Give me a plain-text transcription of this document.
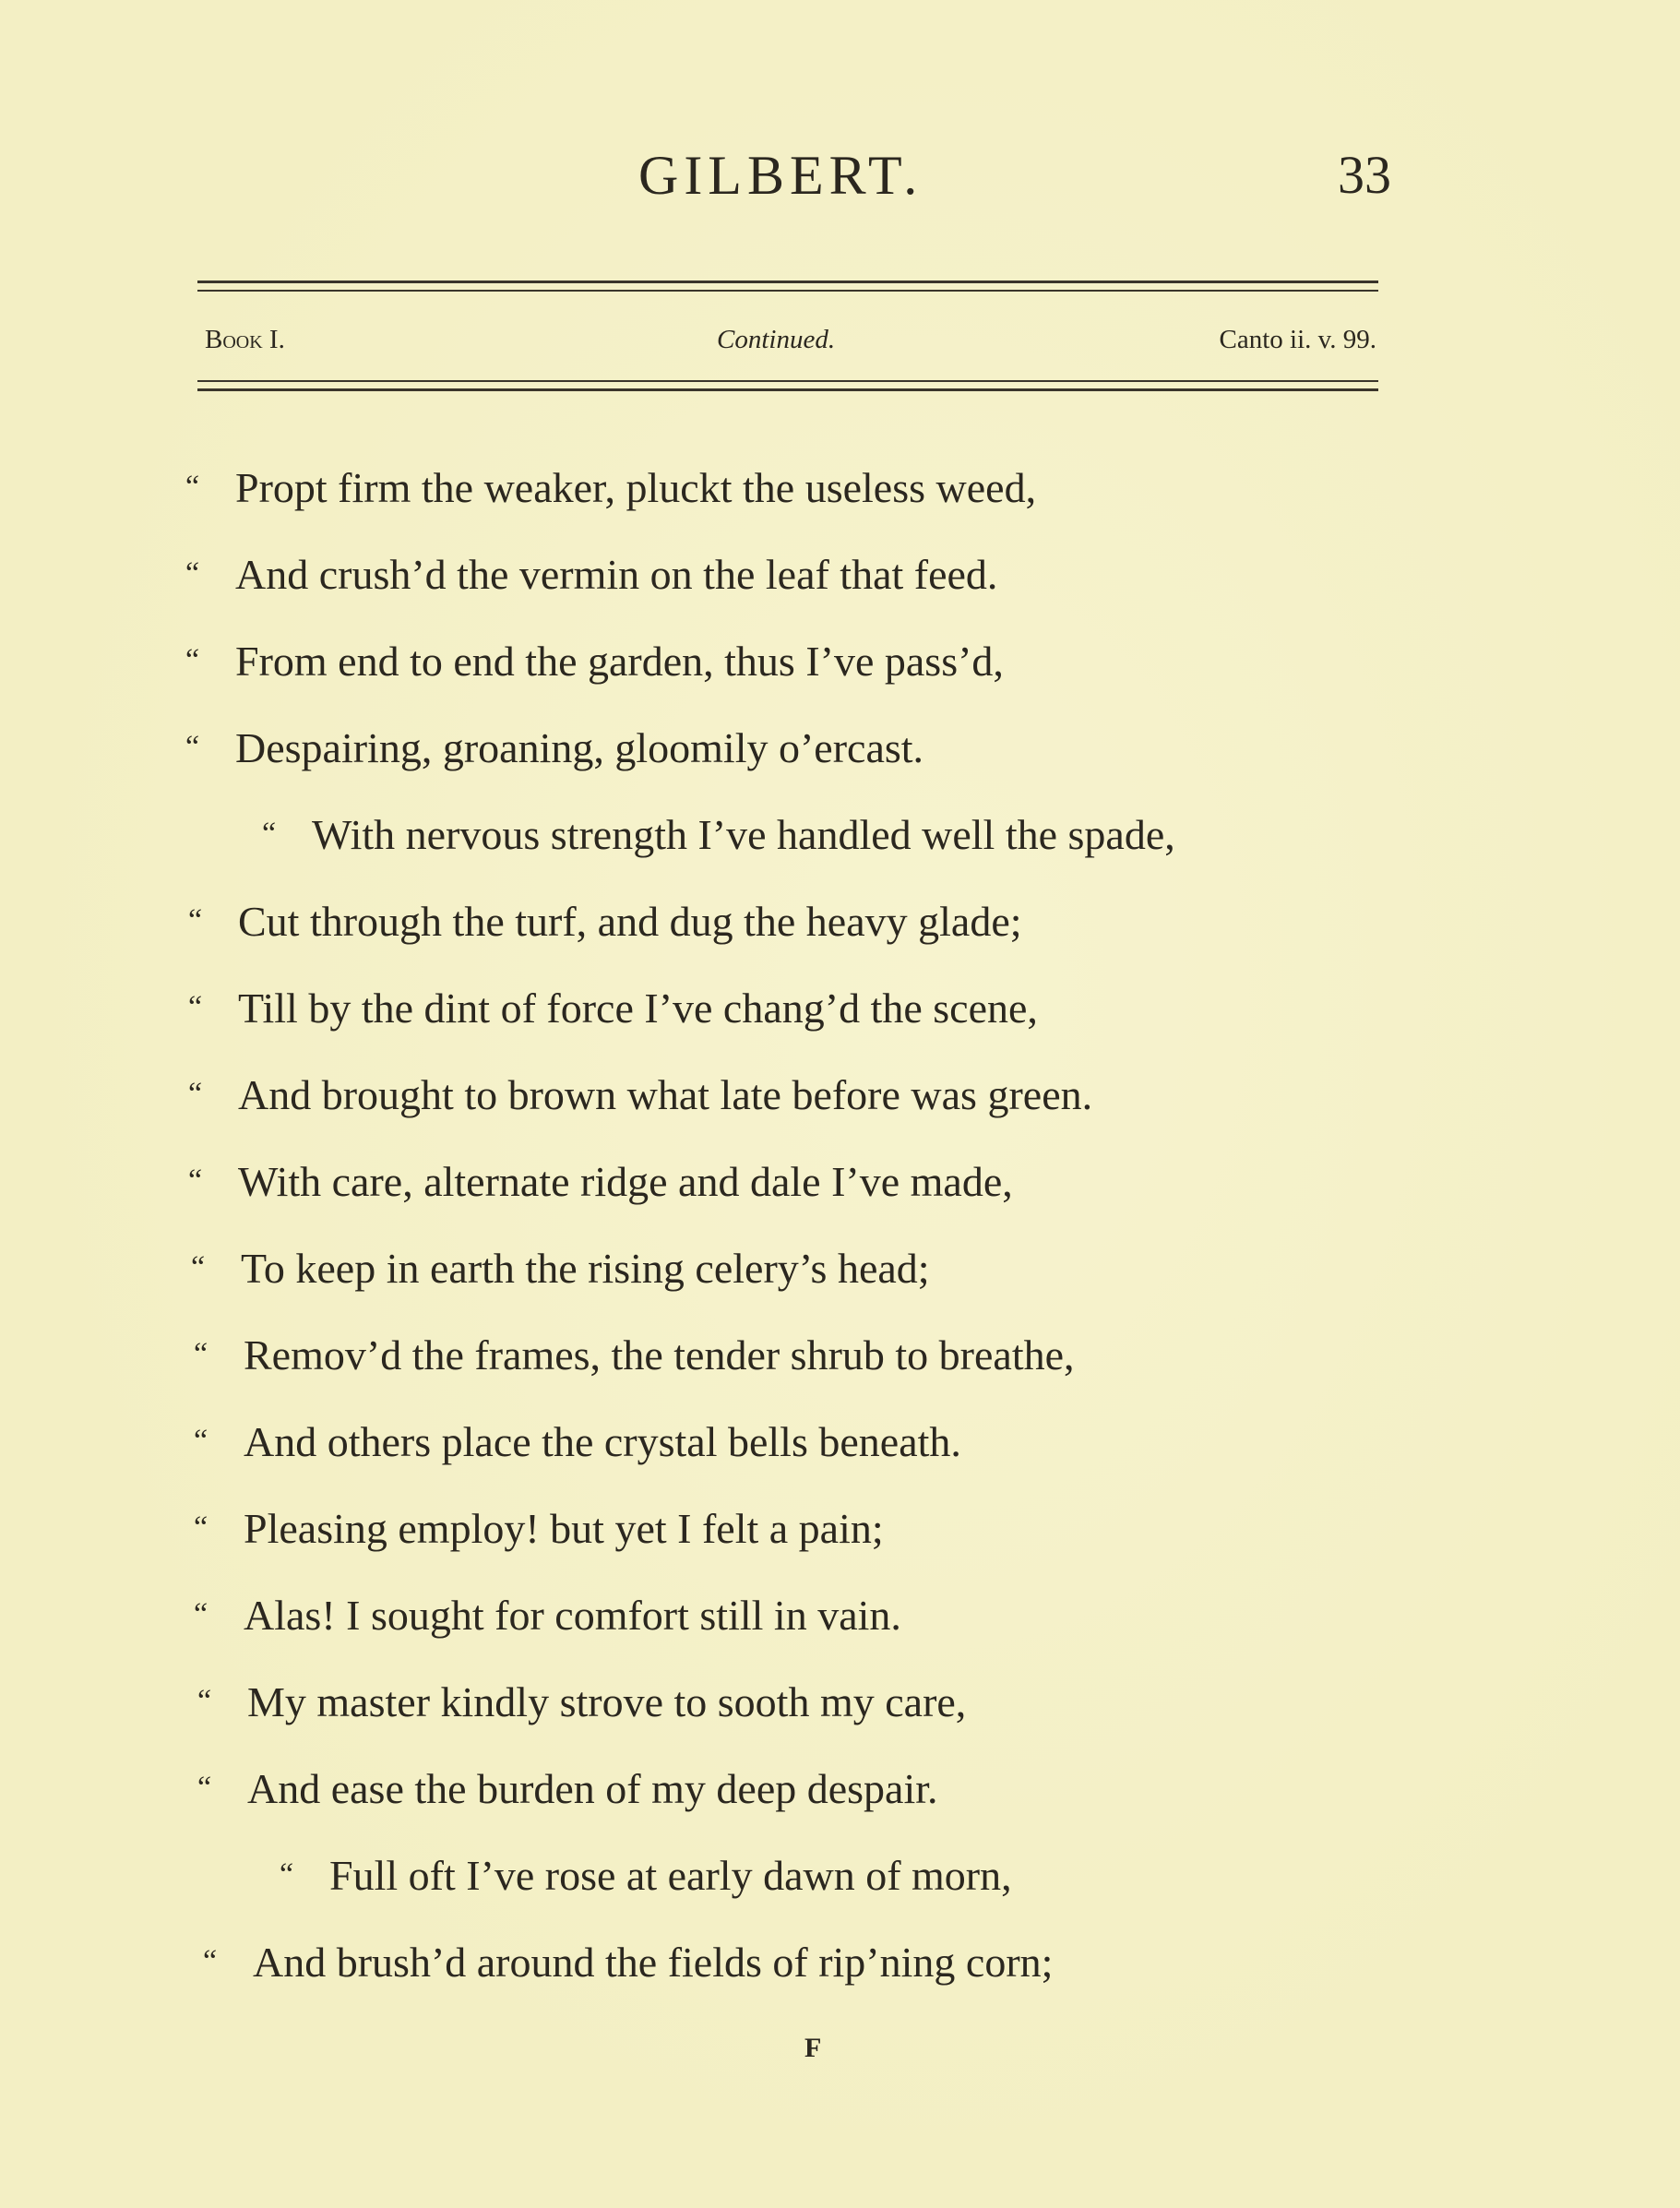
GILBERT.	33
Book I.	Continued.	Canto ii. v. 99.
“ Propt firm the weaker, pluckt the useless weed,
“ And crush’d the vermin on the leaf that feed.
“ From end to end the garden, thus I’ve pass’d,
“ Despairing, groaning, gloomily o’ercast.
“ With nervous strength I’ve handled well the spade,
“ Cut through the turf, and dug the heavy glade;
“ Till by the dint of force I’ve chang’d the scene,
“ And brought to brown what late before was green.
“ With care, alternate ridge and dale I’ve made,
“ To keep in earth the rising celery’s head;
“ Remov’d the frames, the tender shrub to breathe,
“ And others place the crystal bells beneath.
“ Pleasing employ! but yet I felt a pain;
“ Alas! I sought for comfort still in vain.
“ My master kindly strove to sooth my care,
“ And ease the burden of my deep despair.
“ Full oft I’ve rose at early dawn of morn,
“ And brush’d around the fields of rip’ning corn;
F
